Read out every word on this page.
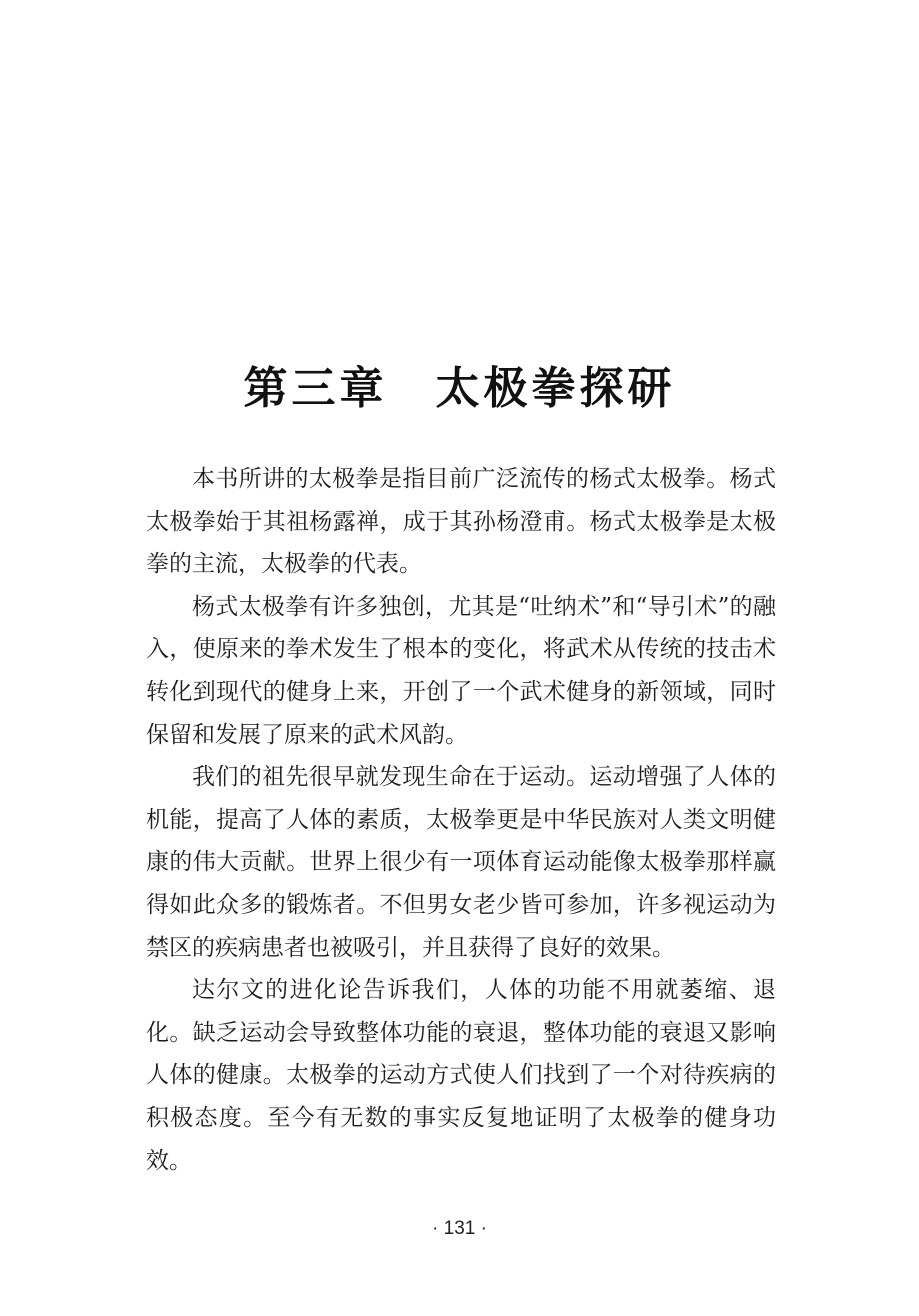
第三章　太极拳探研

本书所讲的太极拳是指目前广泛流传的杨式太极拳。杨式太极拳始于其祖杨露禅，成于其孙杨澄甫。杨式太极拳是太极拳的主流，太极拳的代表。

杨式太极拳有许多独创，尤其是“吐纳术”和“导引术”的融入，使原来的拳术发生了根本的变化，将武术从传统的技击术转化到现代的健身上来，开创了一个武术健身的新领域，同时保留和发展了原来的武术风韵。

我们的祖先很早就发现生命在于运动。运动增强了人体的机能，提高了人体的素质，太极拳更是中华民族对人类文明健康的伟大贡献。世界上很少有一项体育运动能像太极拳那样赢得如此众多的锻炼者。不但男女老少皆可参加，许多视运动为禁区的疾病患者也被吸引，并且获得了良好的效果。

达尔文的进化论告诉我们，人体的功能不用就萎缩、退化。缺乏运动会导致整体功能的衰退，整体功能的衰退又影响人体的健康。太极拳的运动方式使人们找到了一个对待疾病的积极态度。至今有无数的事实反复地证明了太极拳的健身功效。

· 131 ·
